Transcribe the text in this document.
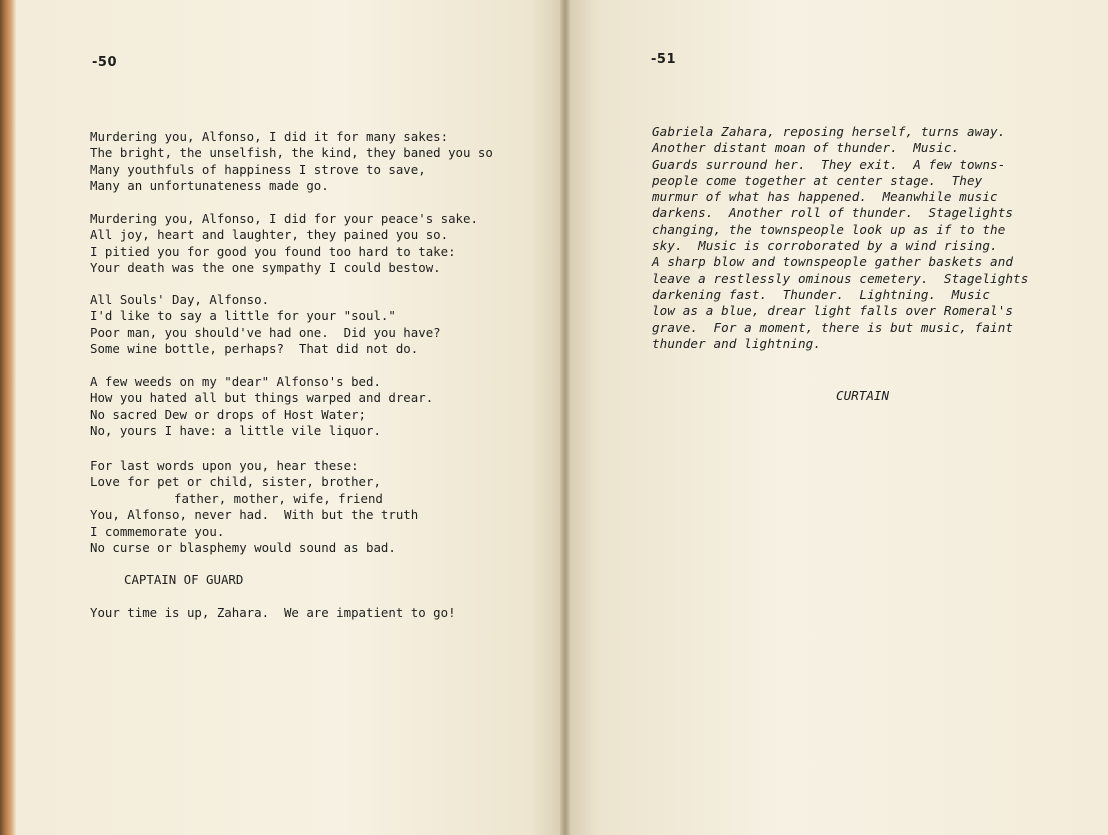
-50	-51
Murdering you, Alfonso, I did it for many sakes:
The bright, the unselfish, the kind, they baned you so
Many youthfuls of happiness I strove to save,
Many an unfortunateness made go.
Murdering you, Alfonso, I did for your peace's sake.
All joy, heart and laughter, they pained you so.
I pitied you for good you found too hard to take:
Your death was the one sympathy I could bestow.
All Souls' Day, Alfonso.
I'd like to say a little for your "soul."
Poor man, you should've had one.  Did you have?
Some wine bottle, perhaps?  That did not do.
A few weeds on my "dear" Alfonso's bed.
How you hated all but things warped and drear.
No sacred Dew or drops of Host Water;
No, yours I have: a little vile liquor.
For last words upon you, hear these:
Love for pet or child, sister, brother,
father, mother, wife, friend
You, Alfonso, never had.  With but the truth
I commemorate you.
No curse or blasphemy would sound as bad.
CAPTAIN OF GUARD
Your time is up, Zahara.  We are impatient to go!
Gabriela Zahara, reposing herself, turns away.
Another distant moan of thunder.  Music.
Guards surround her.  They exit.  A few towns-
people come together at center stage.  They
murmur of what has happened.  Meanwhile music
darkens.  Another roll of thunder.  Stagelights
changing, the townspeople look up as if to the
sky.  Music is corroborated by a wind rising.
A sharp blow and townspeople gather baskets and
leave a restlessly ominous cemetery.  Stagelights
darkening fast.  Thunder.  Lightning.  Music
low as a blue, drear light falls over Romeral's
grave.  For a moment, there is but music, faint
thunder and lightning.
CURTAIN
